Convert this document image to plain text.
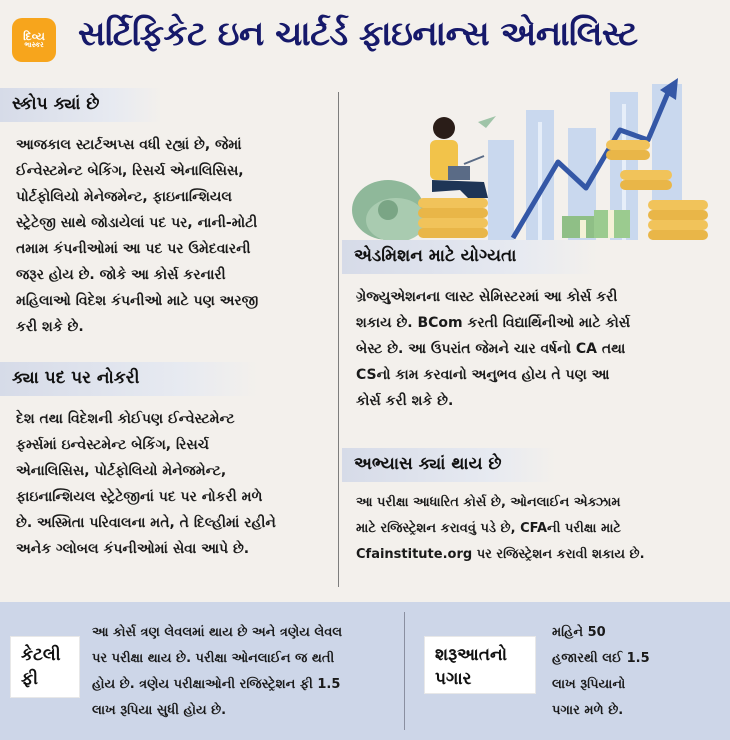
દિવ્ય
ભાસ્કર સર્ટિફિકેટ ઇન ચાર્ટર્ડ ફાઇનાન્સ એનાલિસ્ટ
સ્કોપ ક્યાં છે
આજકાલ સ્ટાર્ટઅપ્સ વધી રહ્યાં છે, જેમાં
ઈન્વેસ્ટમેન્ટ બેકિંગ, રિસર્ચ એનાલિસિસ,
પોર્ટફોલિયો મેનેજમેન્ટ, ફાઇનાન્શિયલ
સ્ટ્રેટેજી સાથે જોડાયેલાં પદ પર, નાની-મોટી
તમામ કંપનીઓમાં આ પદ પર ઉમેદવારની
જરૂર હોય છે. જોકે આ કોર્સ કરનારી
મહિલાઓ વિદેશ કંપનીઓ માટે પણ અરજી
કરી શકે છે.
ક્યા પદ પર નોકરી
દેશ તથા વિદેશની કોઈપણ ઈન્વેસ્ટમેન્ટ
ફર્મ્સમાં ઇન્વેસ્ટમેન્ટ બેકિંગ, રિસર્ચ
એનાલિસિસ, પોર્ટફોલિયો મેનેજમેન્ટ,
ફાઇનાન્શિયલ સ્ટ્રેટેજીનાં પદ પર નોકરી મળે
છે. અસ્મિતા પરિવાલના મતે, તે દિલ્હીમાં રહીને
અનેક ગ્લોબલ કંપનીઓમાં સેવા આપે છે.
એડમિશન માટે યોગ્યતા
ગ્રેજ્યુએશનના લાસ્ટ સેમિસ્ટરમાં આ કોર્સ કરી
શકાય છે. BCom કરતી વિદ્યાર્થિનીઓ માટે કોર્સ
બેસ્ટ છે. આ ઉપરાંત જેમને ચાર વર્ષનો CA તથા
CSનો કામ કરવાનો અનુભવ હોય તે પણ આ
કોર્સ કરી શકે છે.
અભ્યાસ ક્યાં થાય છે
આ પરીક્ષા આધારિત કોર્સ છે, ઓનલાઈન એક્ઝામ
માટે રજિસ્ટ્રેશન કરાવવું પડે છે, CFAની પરીક્ષા માટે
Cfainstitute.org પર રજિસ્ટ્રેશન કરાવી શકાય છે.
કેટલી
ફી
આ કોર્સ ત્રણ લેવલમાં થાય છે અને ત્રણેય લેવલ
પર પરીક્ષા થાય છે. પરીક્ષા ઓનલાઈન જ થતી
હોય છે. ત્રણેય પરીક્ષાઓની રજિસ્ટ્રેશન ફી 1.5
લાખ રૂપિયા સુધી હોય છે.
શરૂઆતનો
પગાર
મહિને 50
હજારથી લઈ 1.5
લાખ રૂપિયાનો
પગાર મળે છે.
